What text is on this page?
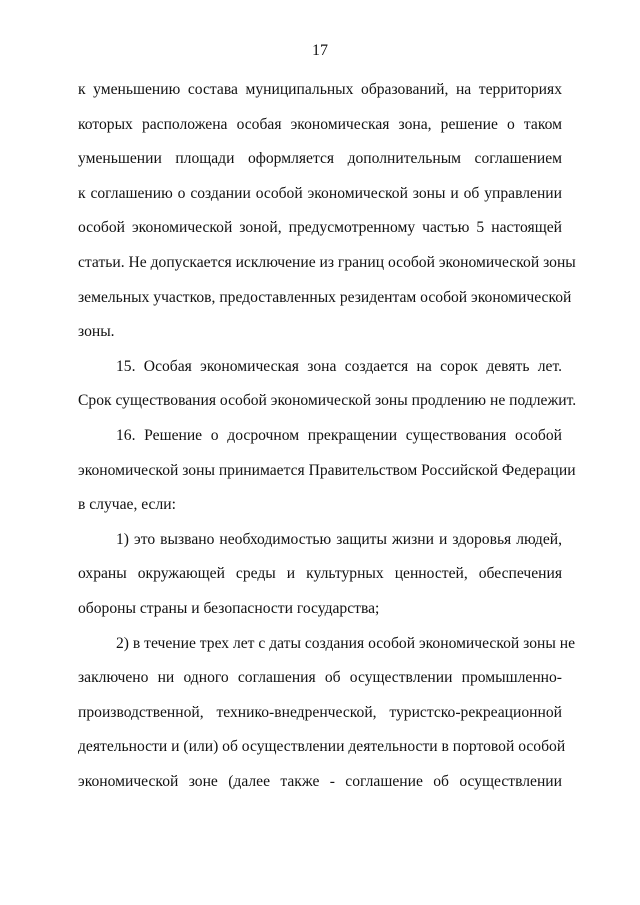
17
к уменьшению состава муниципальных образований, на территориях
которых расположена особая экономическая зона, решение о таком
уменьшении площади оформляется дополнительным соглашением
к соглашению о создании особой экономической зоны и об управлении
особой экономической зоной, предусмотренному частью 5 настоящей
статьи. Не допускается исключение из границ особой экономической зоны
земельных участков, предоставленных резидентам особой экономической
зоны.
15. Особая экономическая зона создается на сорок девять лет.
Срок существования особой экономической зоны продлению не подлежит.
16. Решение о досрочном прекращении существования особой
экономической зоны принимается Правительством Российской Федерации
в случае, если:
1) это вызвано необходимостью защиты жизни и здоровья людей,
охраны окружающей среды и культурных ценностей, обеспечения
обороны страны и безопасности государства;
2) в течение трех лет с даты создания особой экономической зоны не
заключено ни одного соглашения об осуществлении промышленно-
производственной, технико-внедренческой, туристско-рекреационной
деятельности и (или) об осуществлении деятельности в портовой особой
экономической зоне (далее также - соглашение об осуществлении
